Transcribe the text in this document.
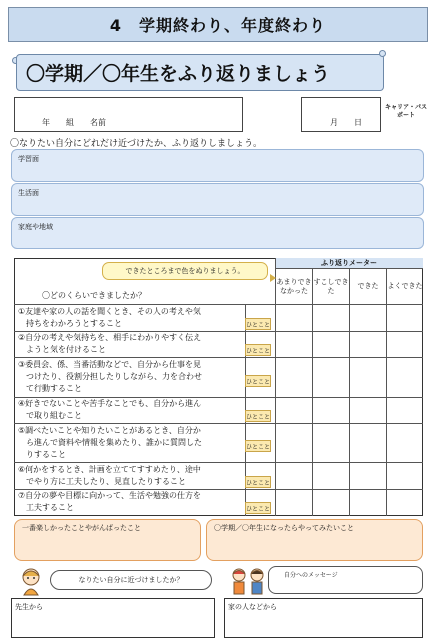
4　学期終わり、年度終わり
〇学期／〇年生をふり返りましょう
年　　組　　名前	月　　日
キャリア・パスポート
〇なりたい自分にどれだけ近づけたか、ふり返りしましょう。
学習面
生活面
家庭や地域
ふり返りメーター
あまりできなかった
すこしできた
できた	よくできた
できたところまで色をぬりましょう。
〇どのくらいできましたか？
①友達や家の人の話を聞くとき、その人の考えや気
持ちをわかろうとすること	ひとこと
②自分の考えや気持ちを、相手にわかりやすく伝え
ようと気を付けること	ひとこと
③委員会、係、当番活動などで、自分から仕事を見
つけたり、役割分担したりしながら、力を合わせ
て行動すること
ひとこと
④好きでないことや苦手なことでも、自分から進ん
で取り組むこと	ひとこと
⑤調べたいことや知りたいことがあるとき、自分か
ら進んで資料や情報を集めたり、誰かに質問した
りすること
ひとこと
⑥何かをするとき、計画を立ててすすめたり、途中
でやり方に工夫したり、見直したりすること	ひとこと
⑦自分の夢や目標に向かって、生活や勉強の仕方を
工夫すること	ひとこと
一番楽しかったことやがんばったこと	〇学期／〇年生になったらやってみたいこと
なりたい自分に近づけましたか？
自分へのメッセージ
先生から	家の人などから
